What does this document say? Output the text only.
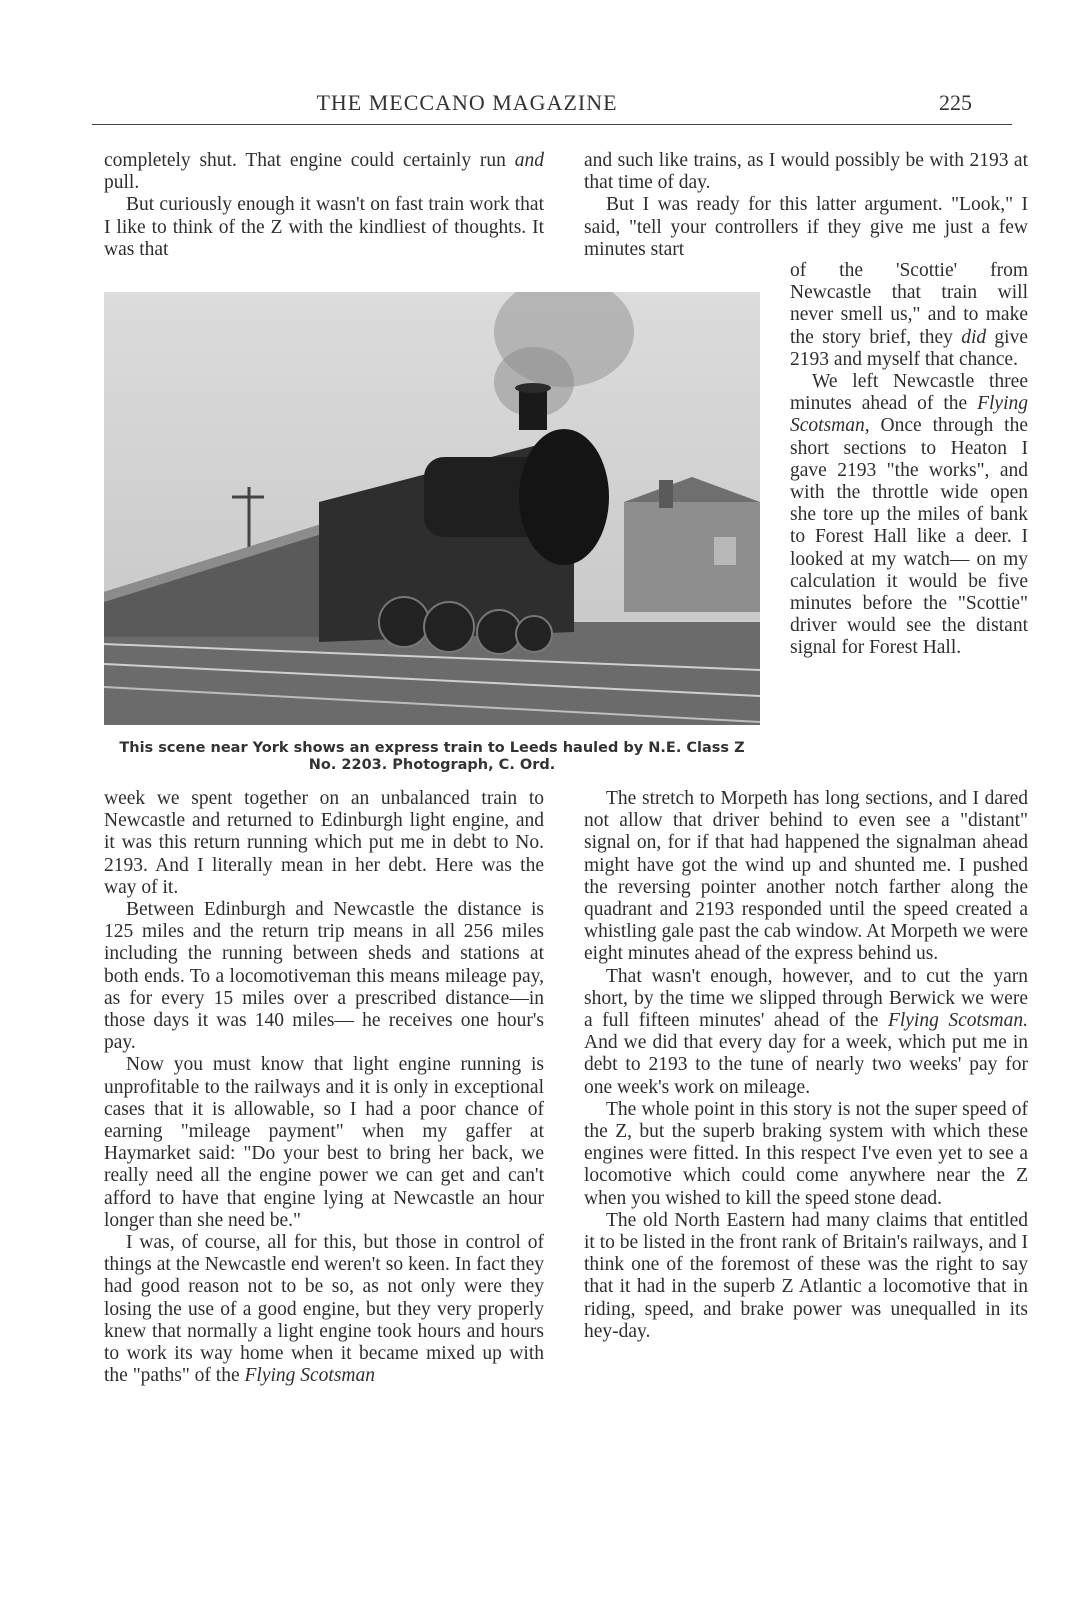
THE MECCANO MAGAZINE	225

completely shut. That engine could certainly run and pull.

But curiously enough it wasn't on fast train work that I like to think of the Z with the kindliest of thoughts. It was that

and such like trains, as I would possibly be with 2193 at that time of day.

But I was ready for this latter argument. "Look," I said, "tell your controllers if they give me just a few minutes start

of the 'Scottie' from Newcastle that train will never smell us," and to make the story brief, they did give 2193 and myself that chance.

We left Newcastle three minutes ahead of the Flying Scotsman, Once through the short sections to Heaton I gave 2193 "the works", and with the throttle wide open she tore up the miles of bank to Forest Hall like a deer. I looked at my watch— on my calculation it would be five minutes before the "Scottie" driver would see the distant signal for Forest Hall.

This scene near York shows an express train to Leeds hauled by N.E. Class Z
No. 2203. Photograph, C. Ord.

week we spent together on an unbalanced train to Newcastle and returned to Edinburgh light engine, and it was this return running which put me in debt to No. 2193. And I literally mean in her debt. Here was the way of it.

Between Edinburgh and Newcastle the distance is 125 miles and the return trip means in all 256 miles including the running between sheds and stations at both ends. To a locomotiveman this means mileage pay, as for every 15 miles over a prescribed distance—in those days it was 140 miles— he receives one hour's pay.

Now you must know that light engine running is unprofitable to the railways and it is only in exceptional cases that it is allowable, so I had a poor chance of earning "mileage payment" when my gaffer at Haymarket said: "Do your best to bring her back, we really need all the engine power we can get and can't afford to have that engine lying at Newcastle an hour longer than she need be."

I was, of course, all for this, but those in control of things at the Newcastle end weren't so keen. In fact they had good reason not to be so, as not only were they losing the use of a good engine, but they very properly knew that normally a light engine took hours and hours to work its way home when it became mixed up with the "paths" of the Flying Scotsman

The stretch to Morpeth has long sections, and I dared not allow that driver behind to even see a "distant" signal on, for if that had happened the signalman ahead might have got the wind up and shunted me. I pushed the reversing pointer another notch farther along the quadrant and 2193 responded until the speed created a whistling gale past the cab window. At Morpeth we were eight minutes ahead of the express behind us.

That wasn't enough, however, and to cut the yarn short, by the time we slipped through Berwick we were a full fifteen minutes' ahead of the Flying Scotsman. And we did that every day for a week, which put me in debt to 2193 to the tune of nearly two weeks' pay for one week's work on mileage.

The whole point in this story is not the super speed of the Z, but the superb braking system with which these engines were fitted. In this respect I've even yet to see a locomotive which could come anywhere near the Z when you wished to kill the speed stone dead.

The old North Eastern had many claims that entitled it to be listed in the front rank of Britain's railways, and I think one of the foremost of these was the right to say that it had in the superb Z Atlantic a locomotive that in riding, speed, and brake power was unequalled in its hey-day.
